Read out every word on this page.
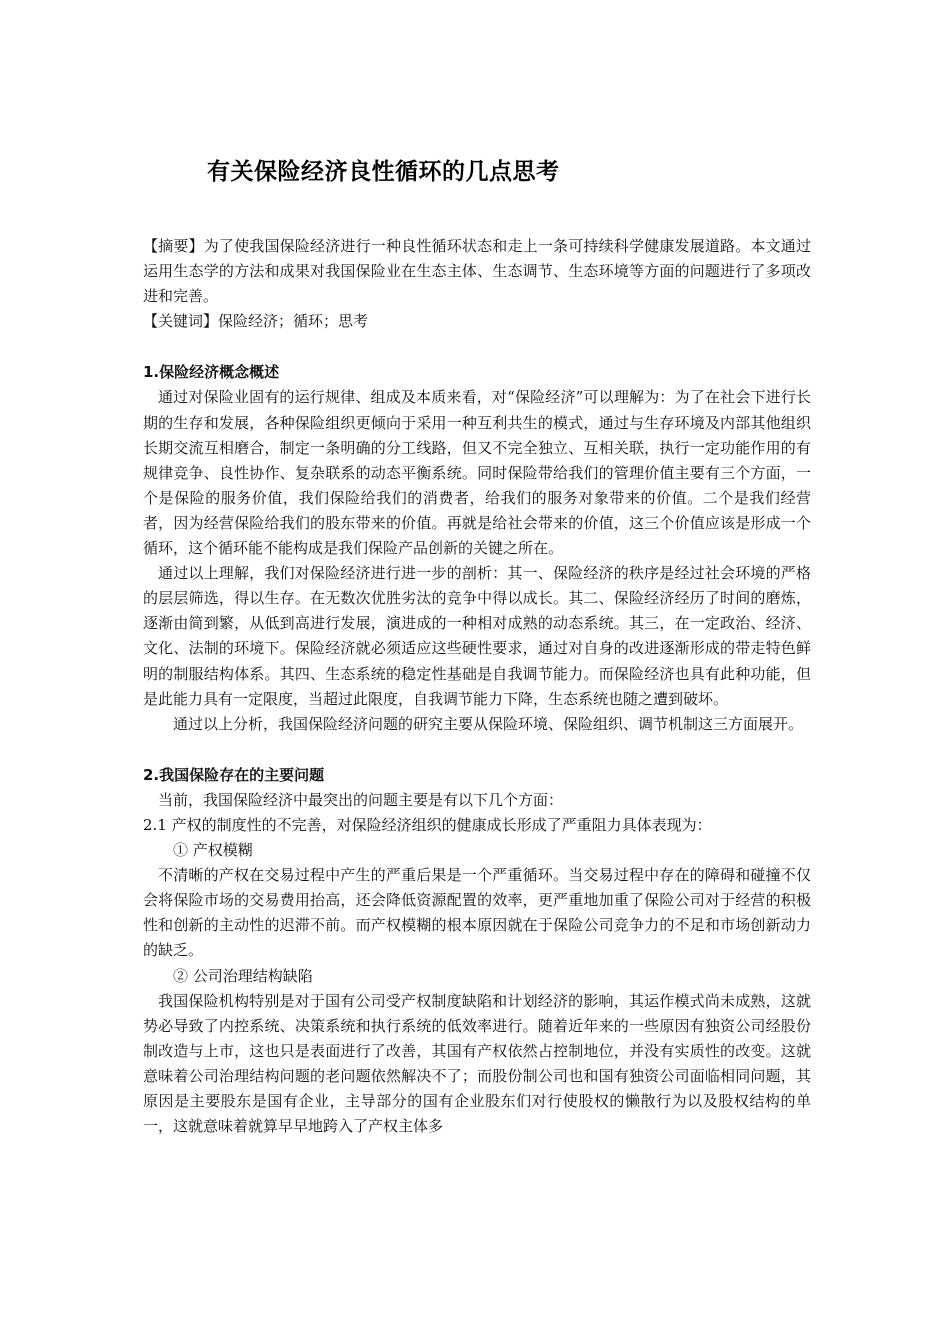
有关保险经济良性循环的几点思考

【摘要】为了使我国保险经济进行一种良性循环状态和走上一条可持续科学健康发展道路。本文通过运用生态学的方法和成果对我国保险业在生态主体、生态调节、生态环境等方面的问题进行了多项改进和完善。

【关键词】保险经济；循环；思考

1.保险经济概念概述

通过对保险业固有的运行规律、组成及本质来看，对“保险经济”可以理解为：为了在社会下进行长期的生存和发展，各种保险组织更倾向于采用一种互利共生的模式，通过与生存环境及内部其他组织长期交流互相磨合，制定一条明确的分工线路，但又不完全独立、互相关联，执行一定功能作用的有规律竞争、良性协作、复杂联系的动态平衡系统。同时保险带给我们的管理价值主要有三个方面，一个是保险的服务价值，我们保险给我们的消费者，给我们的服务对象带来的价值。二个是我们经营者，因为经营保险给我们的股东带来的价值。再就是给社会带来的价值，这三个价值应该是形成一个循环，这个循环能不能构成是我们保险产品创新的关键之所在。

通过以上理解，我们对保险经济进行进一步的剖析：其一、保险经济的秩序是经过社会环境的严格的层层筛选，得以生存。在无数次优胜劣汰的竞争中得以成长。其二、保险经济经历了时间的磨炼，逐渐由简到繁，从低到高进行发展，演进成的一种相对成熟的动态系统。其三，在一定政治、经济、文化、法制的环境下。保险经济就必须适应这些硬性要求，通过对自身的改进逐渐形成的带走特色鲜明的制服结构体系。其四、生态系统的稳定性基础是自我调节能力。而保险经济也具有此种功能，但是此能力具有一定限度，当超过此限度，自我调节能力下降，生态系统也随之遭到破坏。

通过以上分析，我国保险经济问题的研究主要从保险环境、保险组织、调节机制这三方面展开。

2.我国保险存在的主要问题

当前，我国保险经济中最突出的问题主要是有以下几个方面：

2.1 产权的制度性的不完善，对保险经济组织的健康成长形成了严重阻力具体表现为：

① 产权模糊

不清晰的产权在交易过程中产生的严重后果是一个严重循环。当交易过程中存在的障碍和碰撞不仅会将保险市场的交易费用抬高，还会降低资源配置的效率，更严重地加重了保险公司对于经营的积极性和创新的主动性的迟滞不前。而产权模糊的根本原因就在于保险公司竞争力的不足和市场创新动力的缺乏。

② 公司治理结构缺陷

我国保险机构特别是对于国有公司受产权制度缺陷和计划经济的影响，其运作模式尚未成熟，这就势必导致了内控系统、决策系统和执行系统的低效率进行。随着近年来的一些原因有独资公司经股份制改造与上市，这也只是表面进行了改善，其国有产权依然占控制地位，并没有实质性的改变。这就意味着公司治理结构问题的老问题依然解决不了；而股份制公司也和国有独资公司面临相同问题，其原因是主要股东是国有企业，主导部分的国有企业股东们对行使股权的懒散行为以及股权结构的单一，这就意味着就算早早地跨入了产权主体多
